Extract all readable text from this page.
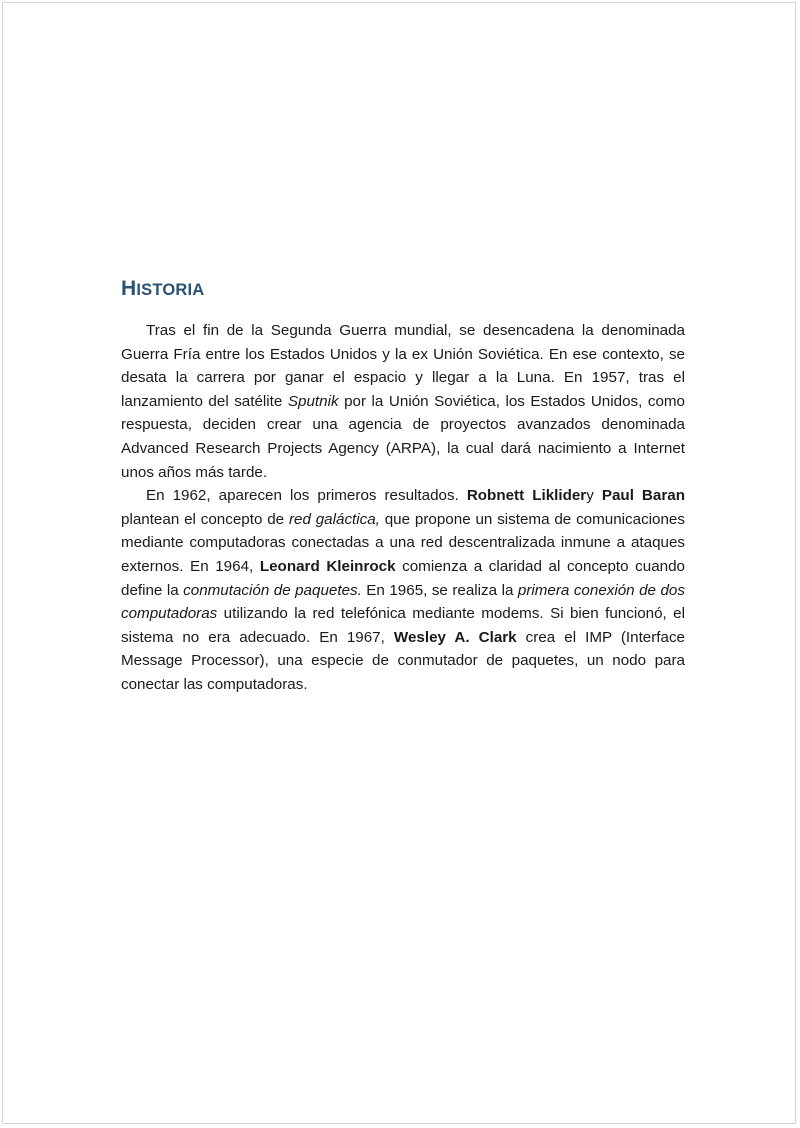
HISTORIA

Tras el fin de la Segunda Guerra mundial, se desencadena la denominada Guerra Fría entre los Estados Unidos y la ex Unión Soviética. En ese contexto, se desata la carrera por ganar el espacio y llegar a la Luna. En 1957, tras el lanzamiento del satélite Sputnik por la Unión Soviética, los Estados Unidos, como respuesta, deciden crear una agencia de proyectos avanzados denominada Advanced Research Projects Agency (ARPA), la cual dará nacimiento a Internet unos años más tarde.

En 1962, aparecen los primeros resultados. Robnett Liklidery Paul Baran plantean el concepto de red galáctica, que propone un sistema de comunicaciones mediante computadoras conectadas a una red descentralizada inmune a ataques externos. En 1964, Leonard Kleinrock comienza a claridad al concepto cuando define la conmutación de paquetes. En 1965, se realiza la primera conexión de dos computadoras utilizando la red telefónica mediante modems. Si bien funcionó, el sistema no era adecuado. En 1967, Wesley A. Clark crea el IMP (Interface Message Processor), una especie de conmutador de paquetes, un nodo para conectar las computadoras.
